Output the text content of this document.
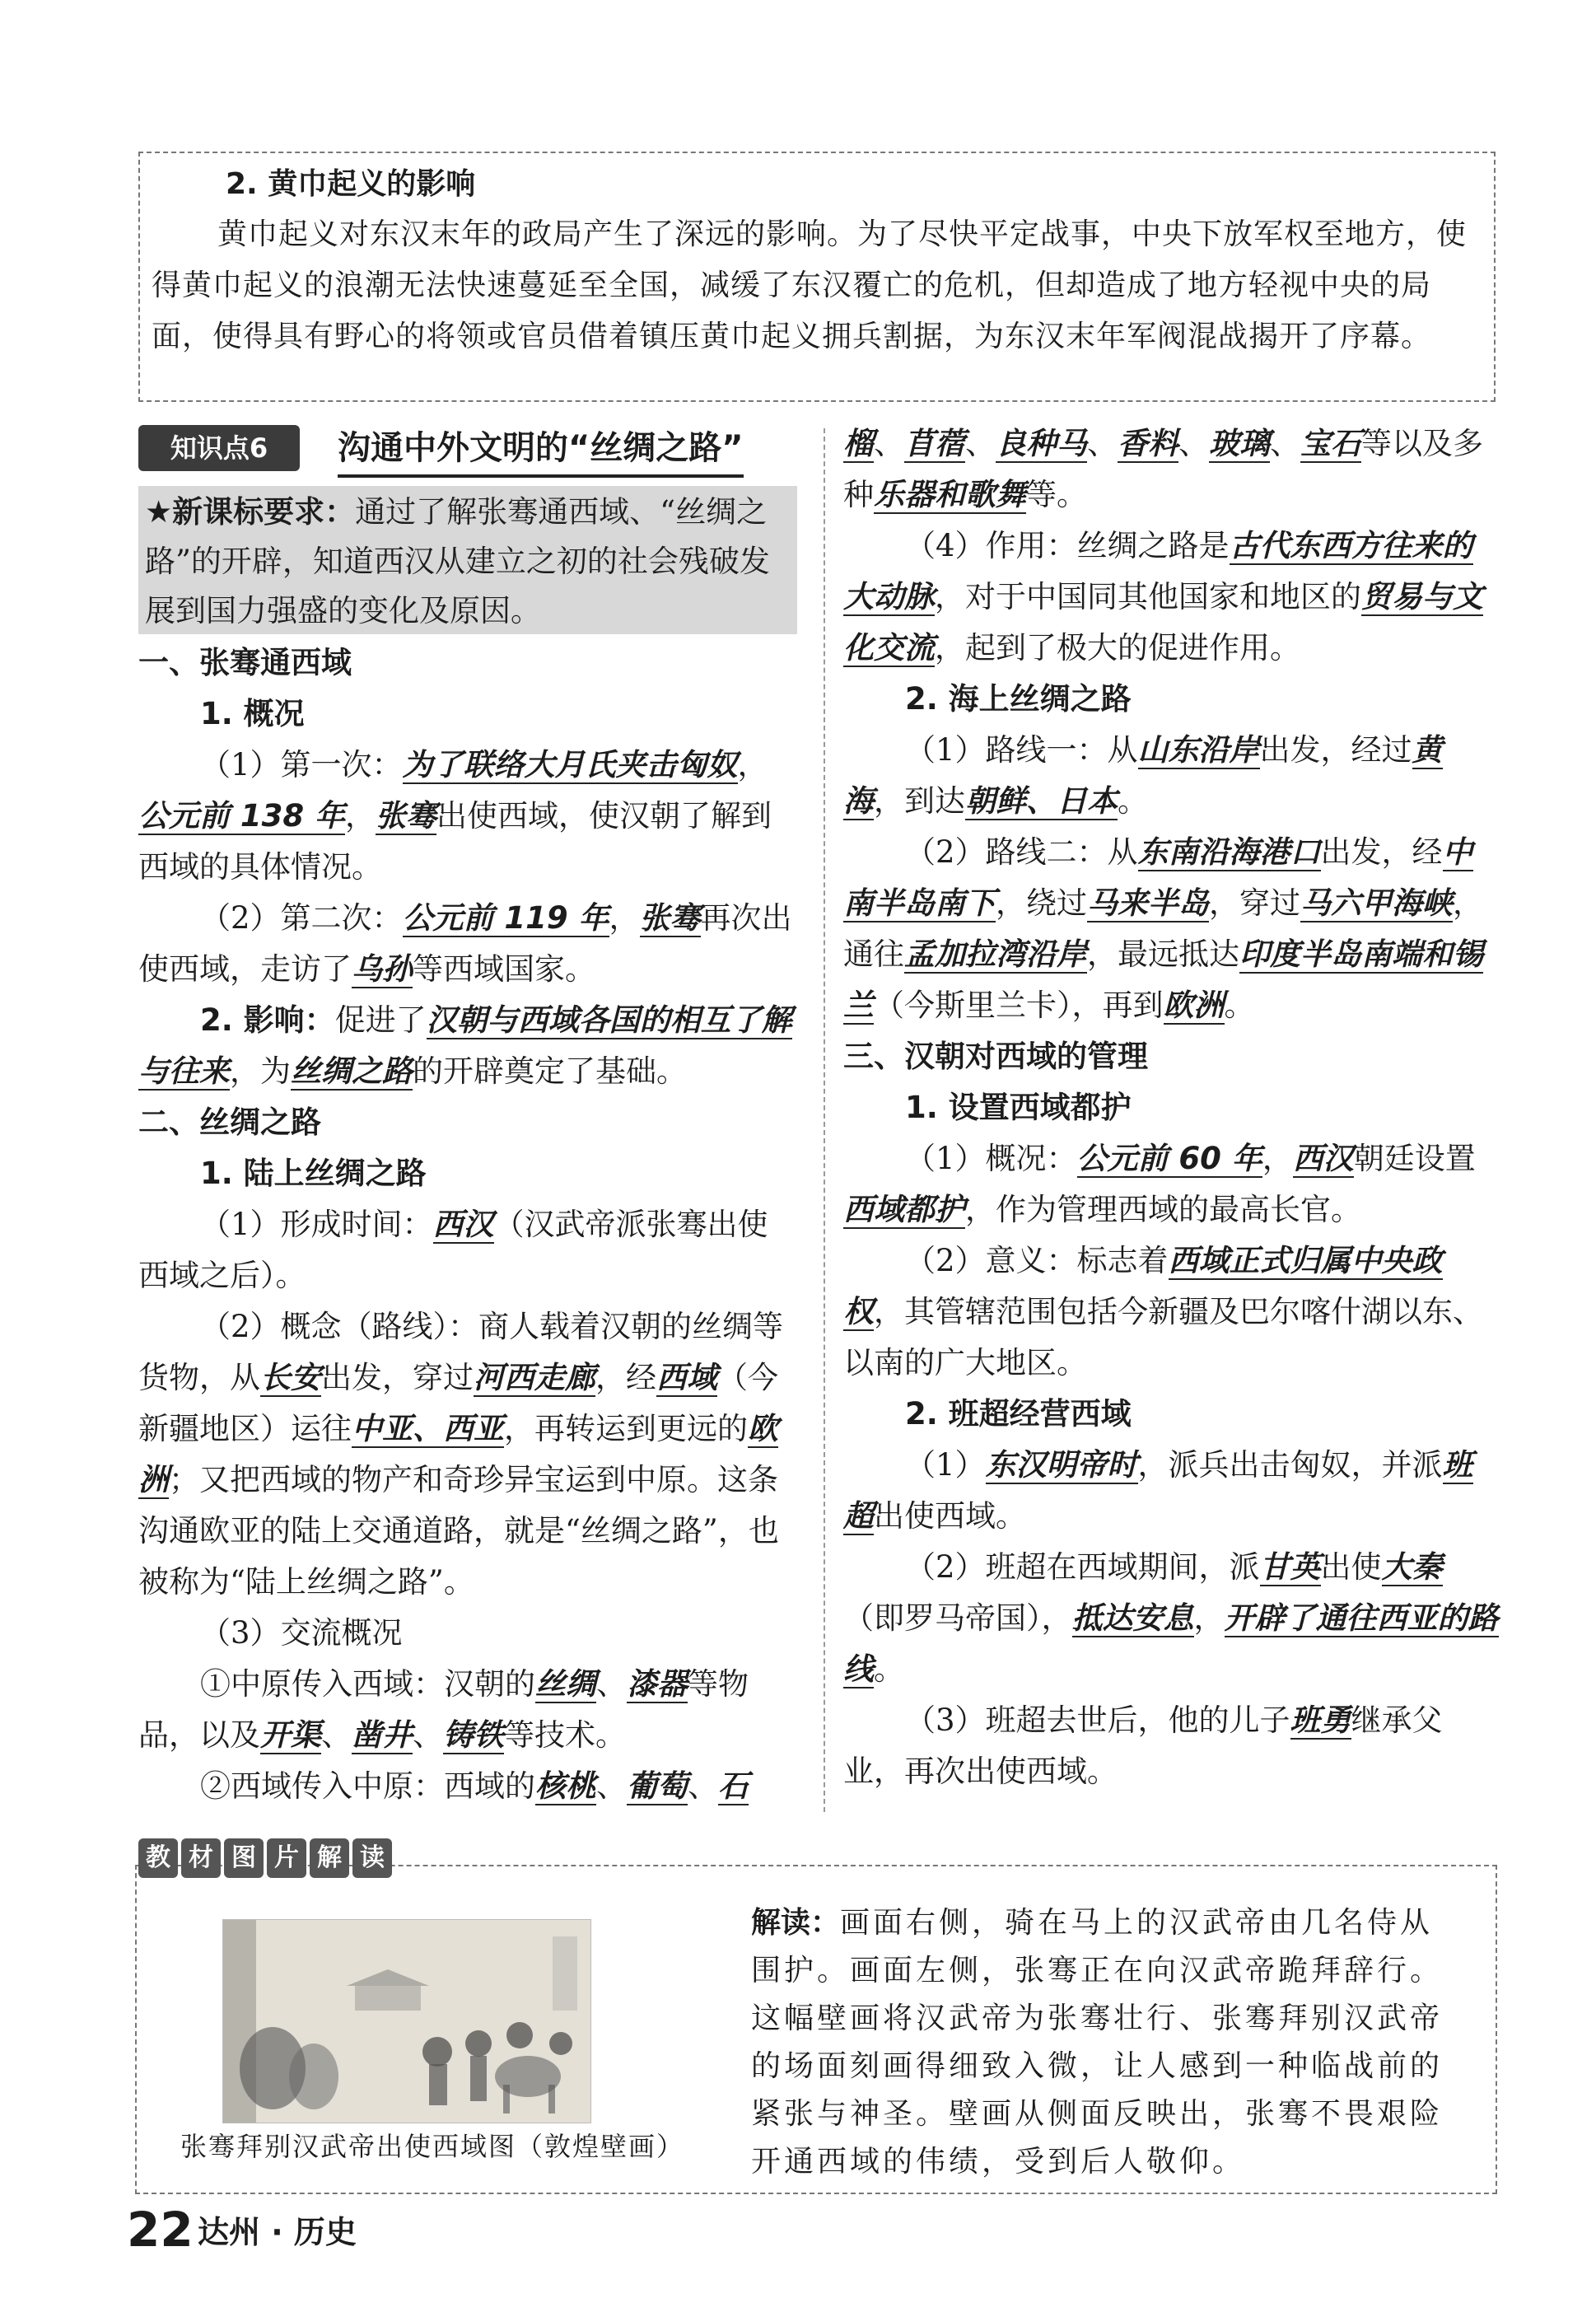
2. 黄巾起义的影响

黄巾起义对东汉末年的政局产生了深远的影响。为了尽快平定战事，中央下放军权至地方，使得黄巾起义的浪潮无法快速蔓延至全国，减缓了东汉覆亡的危机，但却造成了地方轻视中央的局面，使得具有野心的将领或官员借着镇压黄巾起义拥兵割据，为东汉末年军阀混战揭开了序幕。

知识点6	沟通中外文明的“丝绸之路”
★新课标要求：通过了解张骞通西域、“丝绸之路”的开辟，知道西汉从建立之初的社会残破发展到国力强盛的变化及原因。

一、张骞通西域

1. 概况

（1）第一次：为了联络大月氏夹击匈奴，公元前 138 年，张骞出使西域，使汉朝了解到西域的具体情况。

（2）第二次：公元前 119 年，张骞再次出使西域，走访了乌孙等西域国家。

2. 影响：促进了汉朝与西域各国的相互了解与往来，为丝绸之路的开辟奠定了基础。

二、丝绸之路

1. 陆上丝绸之路

（1）形成时间：西汉（汉武帝派张骞出使西域之后）。

（2）概念（路线）：商人载着汉朝的丝绸等货物，从长安出发，穿过河西走廊，经西域（今新疆地区）运往中亚、西亚，再转运到更远的欧洲；又把西域的物产和奇珍异宝运到中原。这条沟通欧亚的陆上交通道路，就是“丝绸之路”，也被称为“陆上丝绸之路”。

（3）交流概况

①中原传入西域：汉朝的丝绸、漆器等物品，以及开渠、凿井、铸铁等技术。

②西域传入中原：西域的核桃、葡萄、石

榴、苜蓿、良种马、香料、玻璃、宝石等以及多种乐器和歌舞等。

（4）作用：丝绸之路是古代东西方往来的大动脉，对于中国同其他国家和地区的贸易与文化交流，起到了极大的促进作用。

2. 海上丝绸之路

（1）路线一：从山东沿岸出发，经过黄海，到达朝鲜、日本。

（2）路线二：从东南沿海港口出发，经中南半岛南下，绕过马来半岛，穿过马六甲海峡，通往孟加拉湾沿岸，最远抵达印度半岛南端和锡兰（今斯里兰卡），再到欧洲。

三、汉朝对西域的管理

1. 设置西域都护

（1）概况：公元前 60 年，西汉朝廷设置西域都护，作为管理西域的最高长官。

（2）意义：标志着西域正式归属中央政权，其管辖范围包括今新疆及巴尔喀什湖以东、以南的广大地区。

2. 班超经营西域

（1）东汉明帝时，派兵出击匈奴，并派班超出使西域。

（2）班超在西域期间，派甘英出使大秦（即罗马帝国），抵达安息，开辟了通往西亚的路线。

（3）班超去世后，他的儿子班勇继承父业，再次出使西域。

教 材 图 片 解 读
张骞拜别汉武帝出使西域图（敦煌壁画）
解读：画面右侧，骑在马上的汉武帝由几名侍从围护。画面左侧，张骞正在向汉武帝跪拜辞行。这幅壁画将汉武帝为张骞壮行、张骞拜别汉武帝的场面刻画得细致入微，让人感到一种临战前的紧张与神圣。壁画从侧面反映出，张骞不畏艰险开通西域的伟绩，受到后人敬仰。
22 达州 · 历史
